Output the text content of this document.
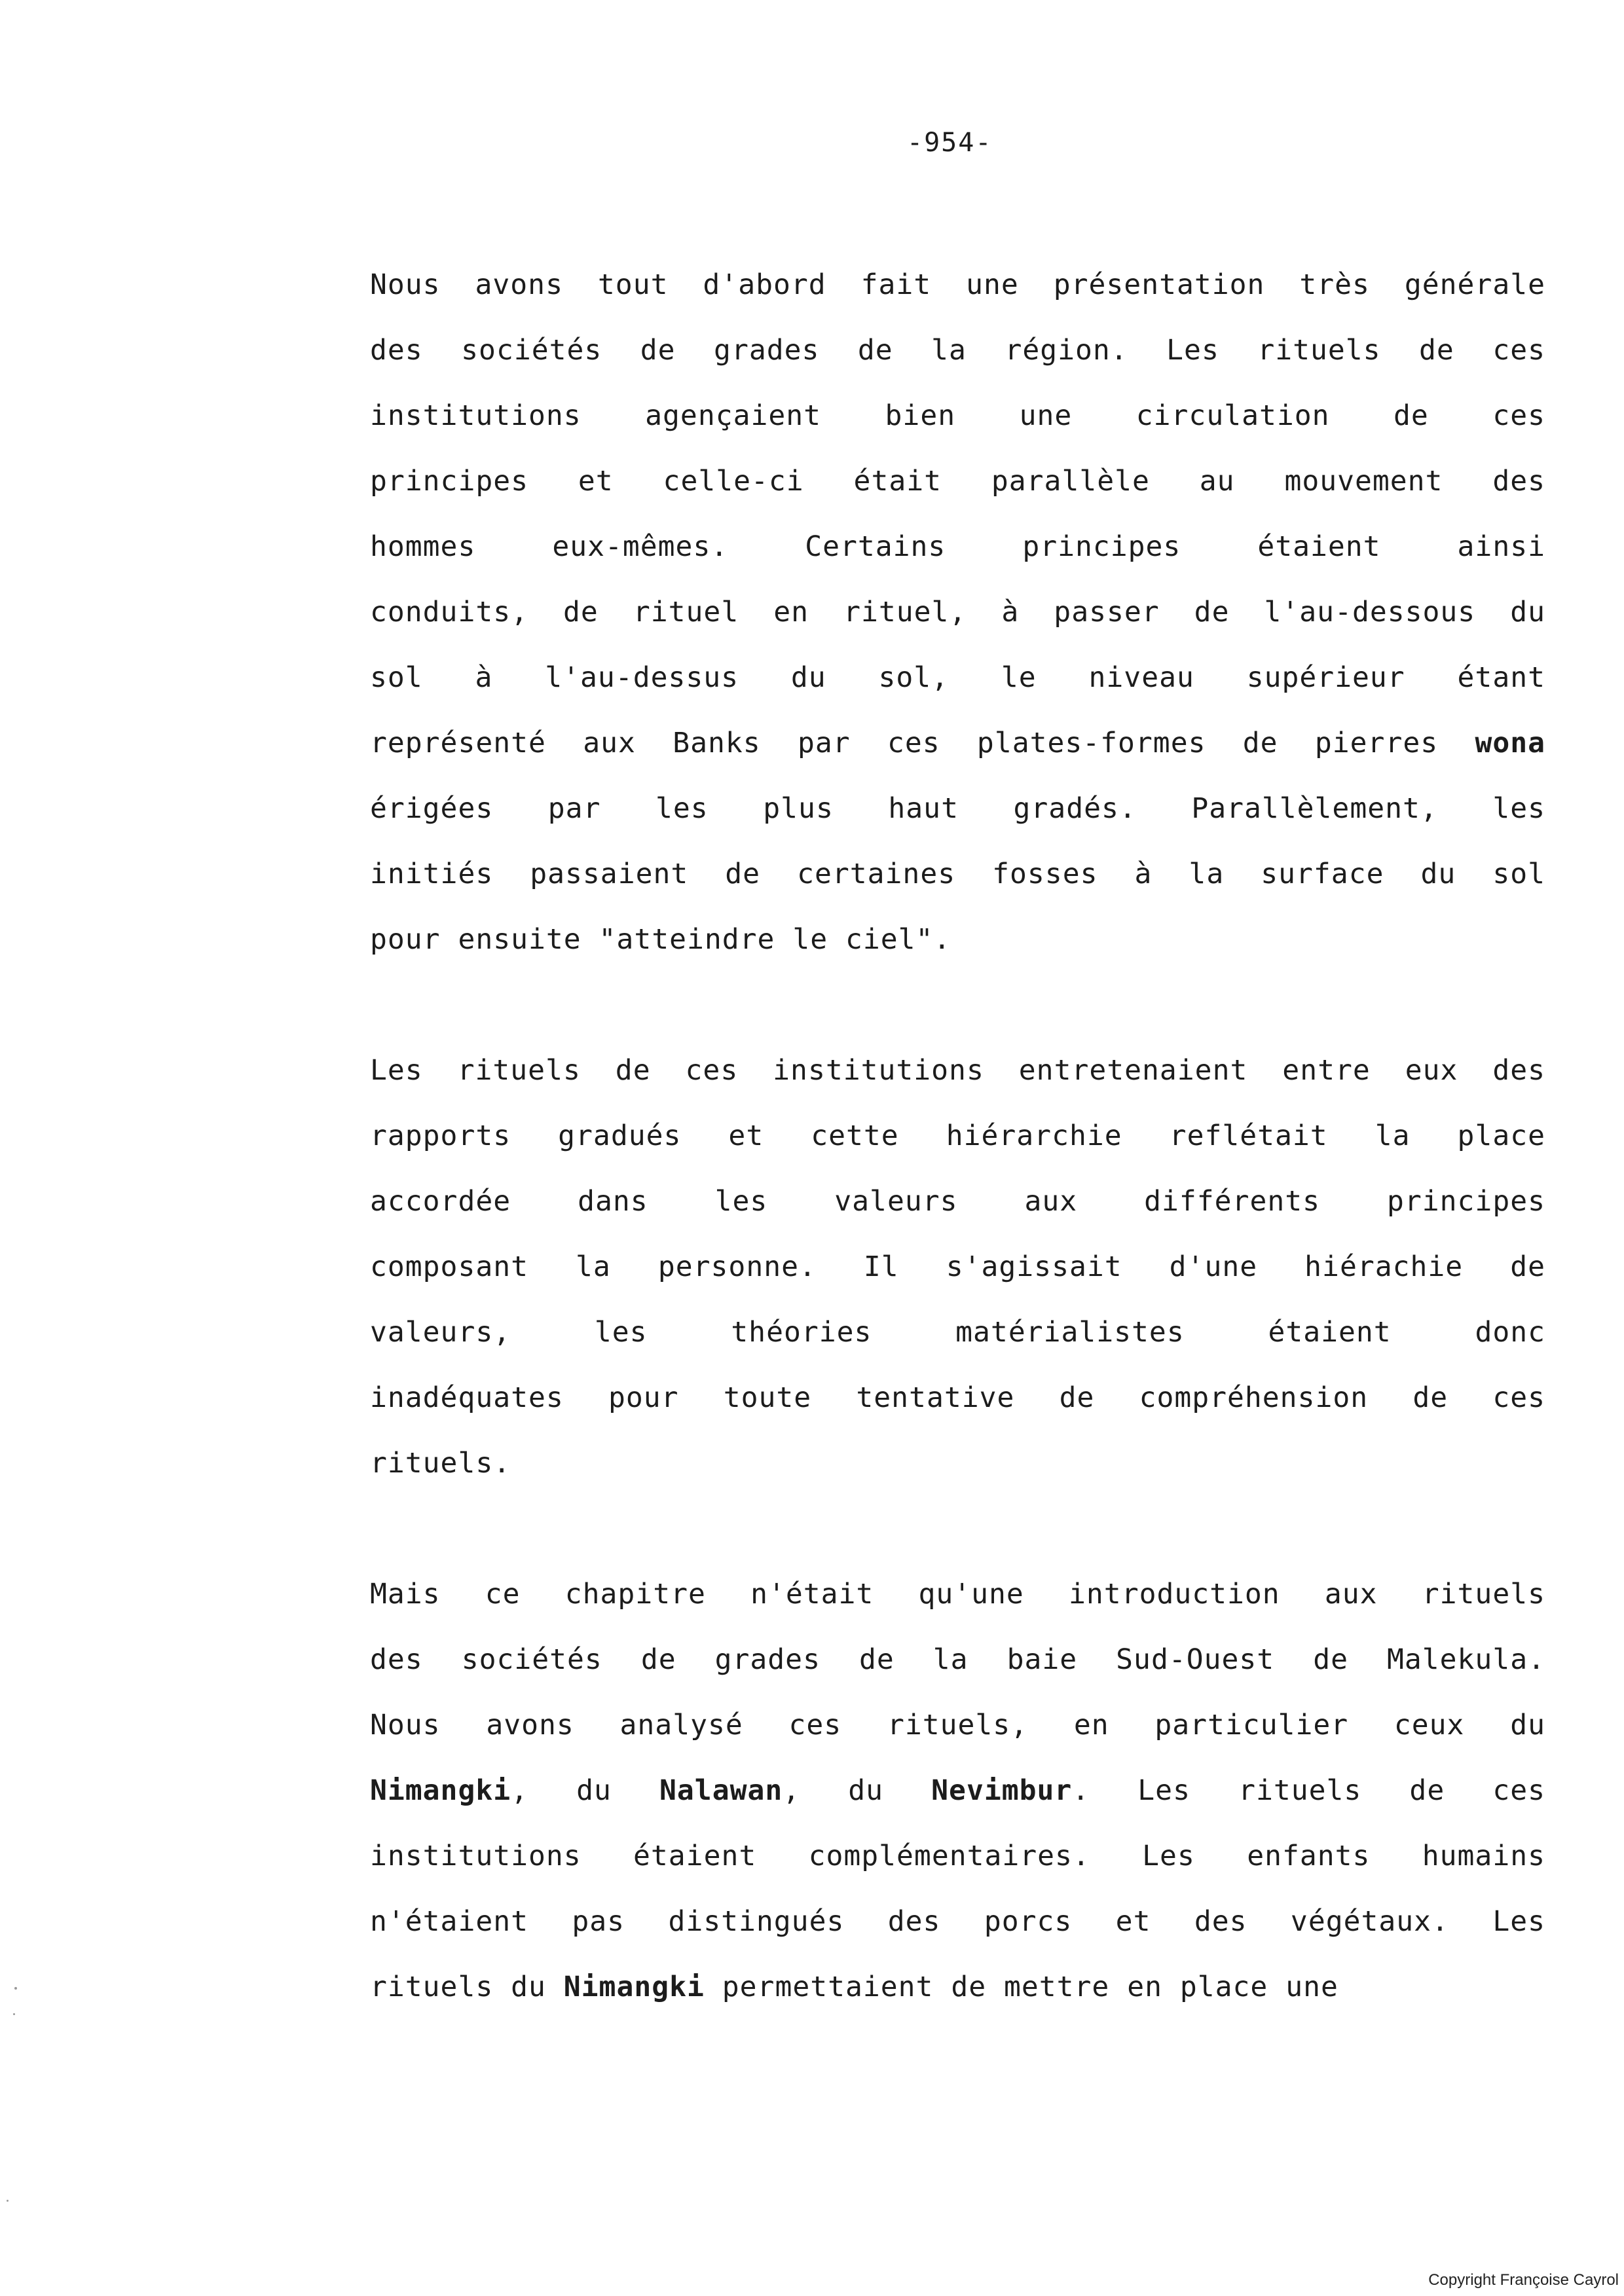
-954-
Nous avons tout d'abord fait une présentation très générale
des sociétés de grades de la région. Les rituels de ces
institutions agençaient bien une circulation de ces
principes et celle-ci était parallèle au mouvement des
hommes eux-mêmes. Certains principes étaient ainsi
conduits, de rituel en rituel, à passer de l'au-dessous du
sol à l'au-dessus du sol, le niveau supérieur étant
représenté aux Banks par ces plates-formes de pierres wona
érigées par les plus haut gradés. Parallèlement, les
initiés passaient de certaines fosses à la surface du sol
pour ensuite "atteindre le ciel".
Les rituels de ces institutions entretenaient entre eux des
rapports gradués et cette hiérarchie reflétait la place
accordée dans les valeurs aux différents principes
composant la personne. Il s'agissait d'une hiérachie de
valeurs, les théories matérialistes étaient donc
inadéquates pour toute tentative de compréhension de ces
rituels.
Mais ce chapitre n'était qu'une introduction aux rituels
des sociétés de grades de la baie Sud-Ouest de Malekula.
Nous avons analysé ces rituels, en particulier ceux du
Nimangki, du Nalawan, du Nevimbur. Les rituels de ces
institutions étaient complémentaires. Les enfants humains
n'étaient pas distingués des porcs et des végétaux. Les
rituels du Nimangki permettaient de mettre en place une
Copyright Françoise Cayrol
